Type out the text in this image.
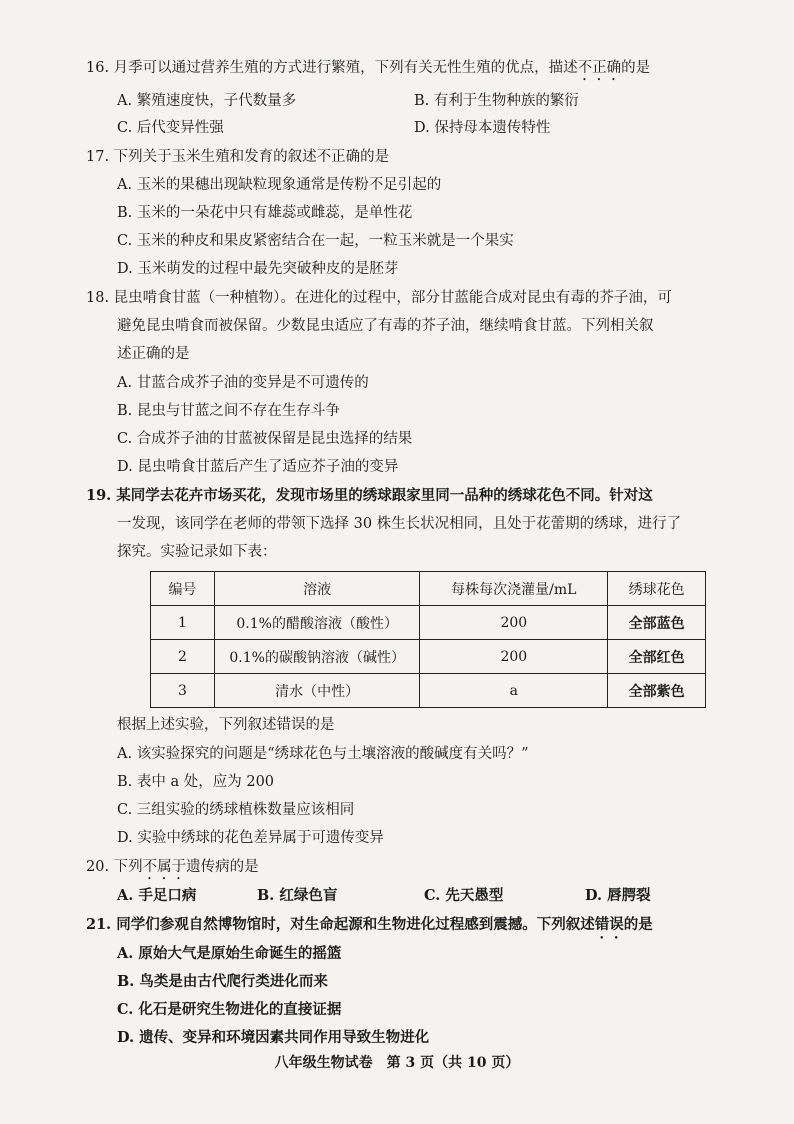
16. 月季可以通过营养生殖的方式进行繁殖，下列有关无性生殖的优点，描述不正确的是
A. 繁殖速度快，子代数量多	B. 有利于生物种族的繁衍
C. 后代变异性强	D. 保持母本遗传特性
17. 下列关于玉米生殖和发育的叙述不正确的是
A. 玉米的果穗出现缺粒现象通常是传粉不足引起的
B. 玉米的一朵花中只有雄蕊或雌蕊，是单性花
C. 玉米的种皮和果皮紧密结合在一起，一粒玉米就是一个果实
D. 玉米萌发的过程中最先突破种皮的是胚芽
18. 昆虫啃食甘蓝（一种植物）。在进化的过程中，部分甘蓝能合成对昆虫有毒的芥子油，可
避免昆虫啃食而被保留。少数昆虫适应了有毒的芥子油，继续啃食甘蓝。下列相关叙
述正确的是
A. 甘蓝合成芥子油的变异是不可遗传的
B. 昆虫与甘蓝之间不存在生存斗争
C. 合成芥子油的甘蓝被保留是昆虫选择的结果
D. 昆虫啃食甘蓝后产生了适应芥子油的变异
19. 某同学去花卉市场买花，发现市场里的绣球跟家里同一品种的绣球花色不同。针对这
一发现，该同学在老师的带领下选择 30 株生长状况相同，且处于花蕾期的绣球，进行了
探究。实验记录如下表：
编号	溶液	每株每次浇灌量/mL	绣球花色
1	0.1%的醋酸溶液（酸性）	200	全部蓝色
2	0.1%的碳酸钠溶液（碱性）	200	全部红色
3	清水（中性）	a	全部紫色
根据上述实验，下列叙述错误的是
A. 该实验探究的问题是“绣球花色与土壤溶液的酸碱度有关吗？”
B. 表中 a 处，应为 200
C. 三组实验的绣球植株数量应该相同
D. 实验中绣球的花色差异属于可遗传变异
20. 下列不属于遗传病的是
A. 手足口病	B. 红绿色盲	C. 先天愚型	D. 唇腭裂
21. 同学们参观自然博物馆时，对生命起源和生物进化过程感到震撼。下列叙述错误的是
A. 原始大气是原始生命诞生的摇篮
B. 鸟类是由古代爬行类进化而来
C. 化石是研究生物进化的直接证据
D. 遗传、变异和环境因素共同作用导致生物进化
八年级生物试卷　第 3 页（共 10 页）
